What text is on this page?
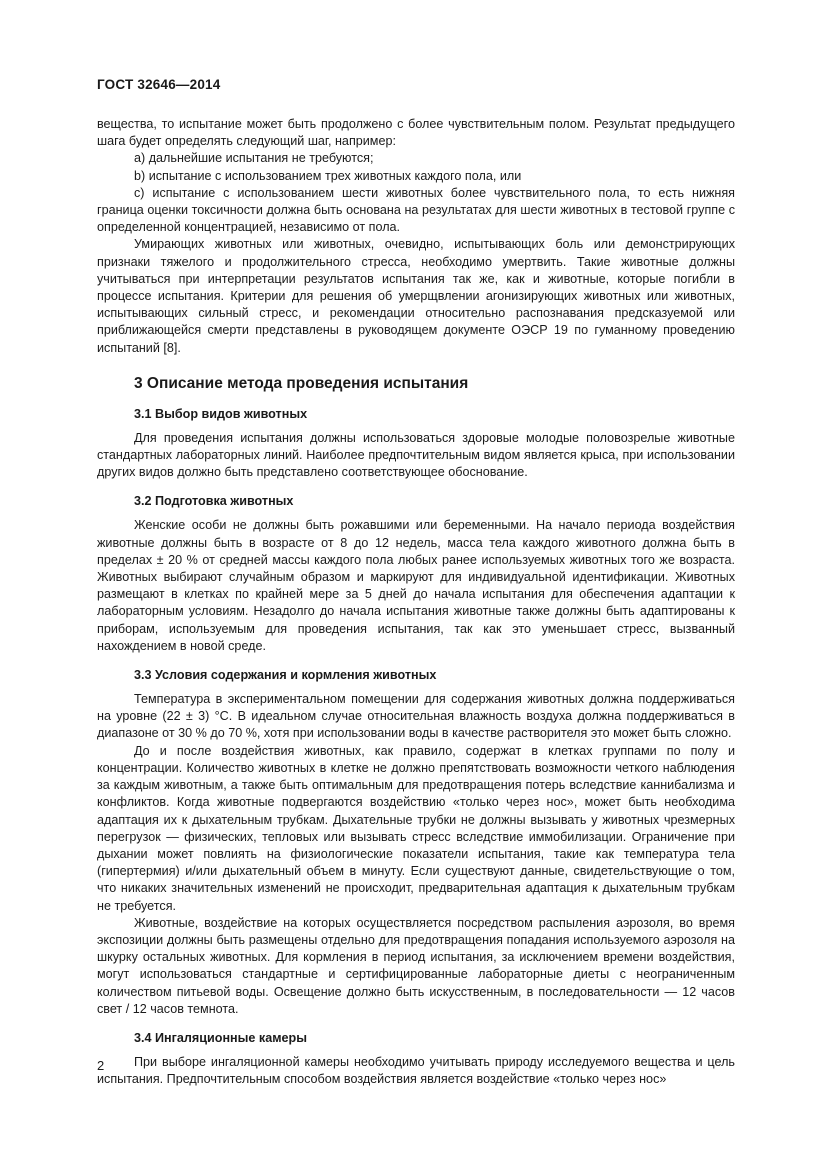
ГОСТ 32646—2014

вещества, то испытание может быть продолжено с более чувствительным полом. Результат предыдущего шага будет определять следующий шаг, например:

a) дальнейшие испытания не требуются;

b) испытание с использованием трех животных каждого пола, или

c) испытание с использованием шести животных более чувствительного пола, то есть нижняя граница оценки токсичности должна быть основана на результатах для шести животных в тестовой группе с определенной концентрацией, независимо от пола.

Умирающих животных или животных, очевидно, испытывающих боль или демонстрирующих признаки тяжелого и продолжительного стресса, необходимо умертвить. Такие животные должны учитываться при интерпретации результатов испытания так же, как и животные, которые погибли в процессе испытания. Критерии для решения об умерщвлении агонизирующих животных или животных, испытывающих сильный стресс, и рекомендации относительно распознавания предсказуемой или приближающейся смерти представлены в руководящем документе ОЭСР 19 по гуманному проведению испытаний [8].

3 Описание метода проведения испытания
3.1 Выбор видов животных

Для проведения испытания должны использоваться здоровые молодые половозрелые животные стандартных лабораторных линий. Наиболее предпочтительным видом является крыса, при использовании других видов должно быть представлено соответствующее обоснование.

3.2 Подготовка животных

Женские особи не должны быть рожавшими или беременными. На начало периода воздействия животные должны быть в возрасте от 8 до 12 недель, масса тела каждого животного должна быть в пределах ± 20 % от средней массы каждого пола любых ранее используемых животных того же возраста. Животных выбирают случайным образом и маркируют для индивидуальной идентификации. Животных размещают в клетках по крайней мере за 5 дней до начала испытания для обеспечения адаптации к лабораторным условиям. Незадолго до начала испытания животные также должны быть адаптированы к приборам, используемым для проведения испытания, так как это уменьшает стресс, вызванный нахождением в новой среде.

3.3 Условия содержания и кормления животных

Температура в экспериментальном помещении для содержания животных должна поддерживаться на уровне (22 ± 3) °С. В идеальном случае относительная влажность воздуха должна поддерживаться в диапазоне от 30 % до 70 %, хотя при использовании воды в качестве растворителя это может быть сложно.

До и после воздействия животных, как правило, содержат в клетках группами по полу и концентрации. Количество животных в клетке не должно препятствовать возможности четкого наблюдения за каждым животным, а также быть оптимальным для предотвращения потерь вследствие каннибализма и конфликтов. Когда животные подвергаются воздействию «только через нос», может быть необходима адаптация их к дыхательным трубкам. Дыхательные трубки не должны вызывать у животных чрезмерных перегрузок — физических, тепловых или вызывать стресс вследствие иммобилизации. Ограничение при дыхании может повлиять на физиологические показатели испытания, такие как температура тела (гипертермия) и/или дыхательный объем в минуту. Если существуют данные, свидетельствующие о том, что никаких значительных изменений не происходит, предварительная адаптация к дыхательным трубкам не требуется.

Животные, воздействие на которых осуществляется посредством распыления аэрозоля, во время экспозиции должны быть размещены отдельно для предотвращения попадания используемого аэрозоля на шкурку остальных животных. Для кормления в период испытания, за исключением времени воздействия, могут использоваться стандартные и сертифицированные лабораторные диеты с неограниченным количеством питьевой воды. Освещение должно быть искусственным, в последовательности — 12 часов свет / 12 часов темнота.

3.4 Ингаляционные камеры

При выборе ингаляционной камеры необходимо учитывать природу исследуемого вещества и цель испытания. Предпочтительным способом воздействия является воздействие «только через нос»

2
